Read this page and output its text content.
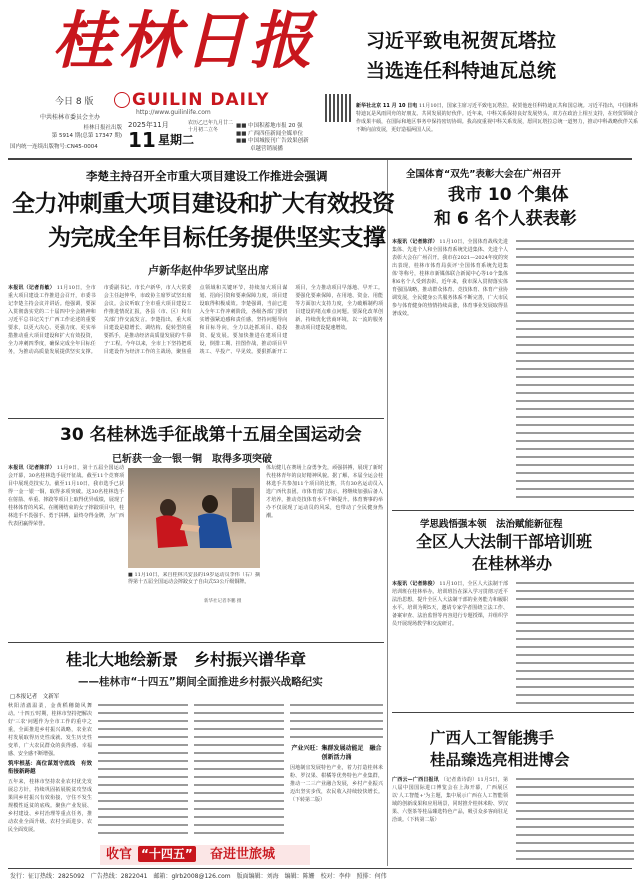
桂林日报
今日 8 版
中共桂林市委员会主办
GUILIN DAILY
http://www.guilinlife.com
桂林日报社出版
第 5914 期(总第 17347 期)
国内统一连续出版物号:CN45-0004
2025年11月
11 星期二
农历乙巳年九月廿二
十月初二立冬
■■ 中国积蓄地市报 20 强
■■ 广西四佳新闻全媒单位
■■ 中国城报刊广告效果创新
卓越营销展播
习近平致电祝贺瓦塔拉
当选连任科特迪瓦总统
新华社北京 11 月 10 日电 11月10日，国家主席习近平致电瓦塔拉，祝贺他连任科特迪瓦共和国总统。习近平指出，中国和科特迪瓦是风雨同舟的好朋友、共同发展的好伙伴。近年来，中科关系保持良好发展势头，双方在政治上相互支持，在经贸领域合作成果丰硕，在国际和地区事务中保持密切协调。我高度重视中科关系发展，愿同瓦塔拉总统一道努力，推动中科战略伙伴关系不断向前发展，更好造福两国人民。
李楚主持召开全市重大项目建设工作推进会强调
全力冲刺重大项目建设和扩大有效投资
为完成全年目标任务提供坚实支撑
卢新华赵仲华罗试坚出席
本报讯（记者肖敏） 11月10日，全市重大项目建设工作推进会召开，市委书记李楚主持会议并讲话。他强调，要深入贯彻落实党的二十届四中全会精神和习近平总书记关于广西工作论述的重要要求，以更大决心、更强力度、更实举措推动重大项目建设和扩大有效投资，全力冲刺四季度，确保完成全年目标任务，为推动高质量发展提供坚实支撑。市委副书记、市长卢新华，市人大常委会主任赵仲华，市政协主席罗试坚出席会议。会议听取了全市重大项目建设工作推进情况汇报，各县（市、区）和有关部门作交流发言。李楚指出，重大项目建设是稳增长、调结构、促转型的重要抓手，是推动经济高质量发展的'牛鼻子'工程。今年以来，全市上下坚持把项目建设作为经济工作的主战场，聚焦重点领域和关键环节，持续加大项目谋划、招商引资和要素保障力度，项目建设取得积极成效。李楚强调，当前已进入全年工作冲刺阶段，各级各部门要切实增强紧迫感和责任感，坚持问题导向和目标导向，全力以赴抓项目、稳投资、促发展。要加快推进在建项目建设，倒排工期、挂图作战，推动项目早竣工、早投产、早见效。要狠抓新开工项目，全力推动项目早落地、早开工。要强化要素保障，在用地、资金、用能等方面加大支持力度，全力破解制约项目建设的堵点难点问题。要深化改革创新，持续优化营商环境，以一流的服务推动项目建设提速增效。
30 名桂林选手征战第十五届全国运动会
已斩获一金一银一铜　取得多项突破
本报讯（记者陈洋） 11月9日，第十五届全国运动会开幕，30名桂林选手展开征战。截至11个竞赛项目中展现竞技实力。截至11月10日，我市选手已获得一金一银一铜，取得多项突破。这30名桂林选手在射箭、举重、摔跤等项目上取得优异成绩，展现了桂林体育的风采。在刚刚结束的女子摔跤项目中，桂林选手不畏强手、勇于拼搏，最终夺得金牌，为广西代表团赢得荣誉。
■ 11月10日，来自桂林兴安县的19岁运动员李伟（右）摘得第十五届全国运动会摔跤女子自由式53公斤级铜牌。
新华社记者李鹏 摄
体坛健儿在赛场上奋勇争先，顽强拼搏，展现了新时代桂林青年的良好精神风貌。据了解，本届全运会桂林选手共参加11个项目的比赛，共有30名运动员入选广西代表团。市体育部门表示，将继续加强后备人才培养，推动竞技体育水平不断提升。体育赛事的举办不仅展现了运动员的风采，也带动了全民健身热潮。
桂北大地绘新景　乡村振兴谱华章
——桂林市“十四五”期间全面推进乡村振兴战略纪实
□本报记者　文新军
秋阳清澈温柔，金黄稻穗随风舞动。'十四五'时期，桂林市坚持把解决好'三农'问题作为全市工作的重中之重，全面推进乡村振兴战略，农业农村发展取得历史性成就、发生历史性变革，广大农民群众的获得感、幸福感、安全感不断增强。
筑牢根基：高位谋划守底线　有效衔接新跨越
五年来，桂林市坚持农业农村优先发展总方针，持续巩固拓展脱贫攻坚成果同乡村振兴有效衔接，守住不发生规模性返贫的底线。聚焦产业发展、乡村建设、乡村治理等重点任务，推动农业全面升级、农村全面进步、农民全面发展。
产业兴旺：集群发展动能足　融合创新活力涌
因地制宜发展特色产业，着力打造桂林米粉、罗汉果、柑橘等优势特色产业集群，推动一二三产业融合发展，乡村产业振兴迈出坚实步伐，农民收入持续较快增长。（下转第二版）
收官 “十四五” 奋进世旅城
全国体育“双先”表彰大会在广州召开
我市 10 个集体
和 6 名个人获表彰
本报讯（记者陈洋） 11月10日，全国体育战线先进集体、先进个人和全国体育系统先进集体、先进个人表彰大会在广州召开。我市在2021—2024年度的突出表现，桂林市体育局获评'全国体育系统先进集体'等称号，桂林市新媒体联合新闻中心等10个集体和6名个人受到表彰。近年来，我市深入贯彻落实体育强国战略，推动群众体育、竞技体育、体育产业协调发展，全民健身公共服务体系不断完善，广大市民参与体育健身的热情持续高涨，体育事业发展取得显著成效。
学思践悟强本领　法治赋能新征程
全区人大法制干部培训班
在桂林举办
本报讯（记者陈俊） 11月10日，全区人大法制干部培训班在桂林举办。培训班旨在深入学习贯彻习近平法治思想，提升全区人大法制干部的业务能力和履职水平。培训为期5天，邀请专家学者围绕立法工作、备案审查、法治监督等内容进行专题授课，并组织学员开展现场教学和交流研讨。
广西人工智能携手
桂品臻选亮相进博会
广西云—广西日报讯 （记者蓝诗韵）11月5日，第八届中国国际进口博览会在上海开幕，广西展区以'人工智能+'为主题，集中展示广西在人工智能领域的创新成果和应用场景，同时推介桂林米粉、罗汉果、六堡茶等桂品臻选特色产品，吸引众多客商驻足洽谈。（下转第二版）
发行：征订热线：2825092　广告热线：2822041　邮箱：glrb2008@126.com　版面编辑：刘海　编辑：陈姗　校对：李仲　照排：何伟
